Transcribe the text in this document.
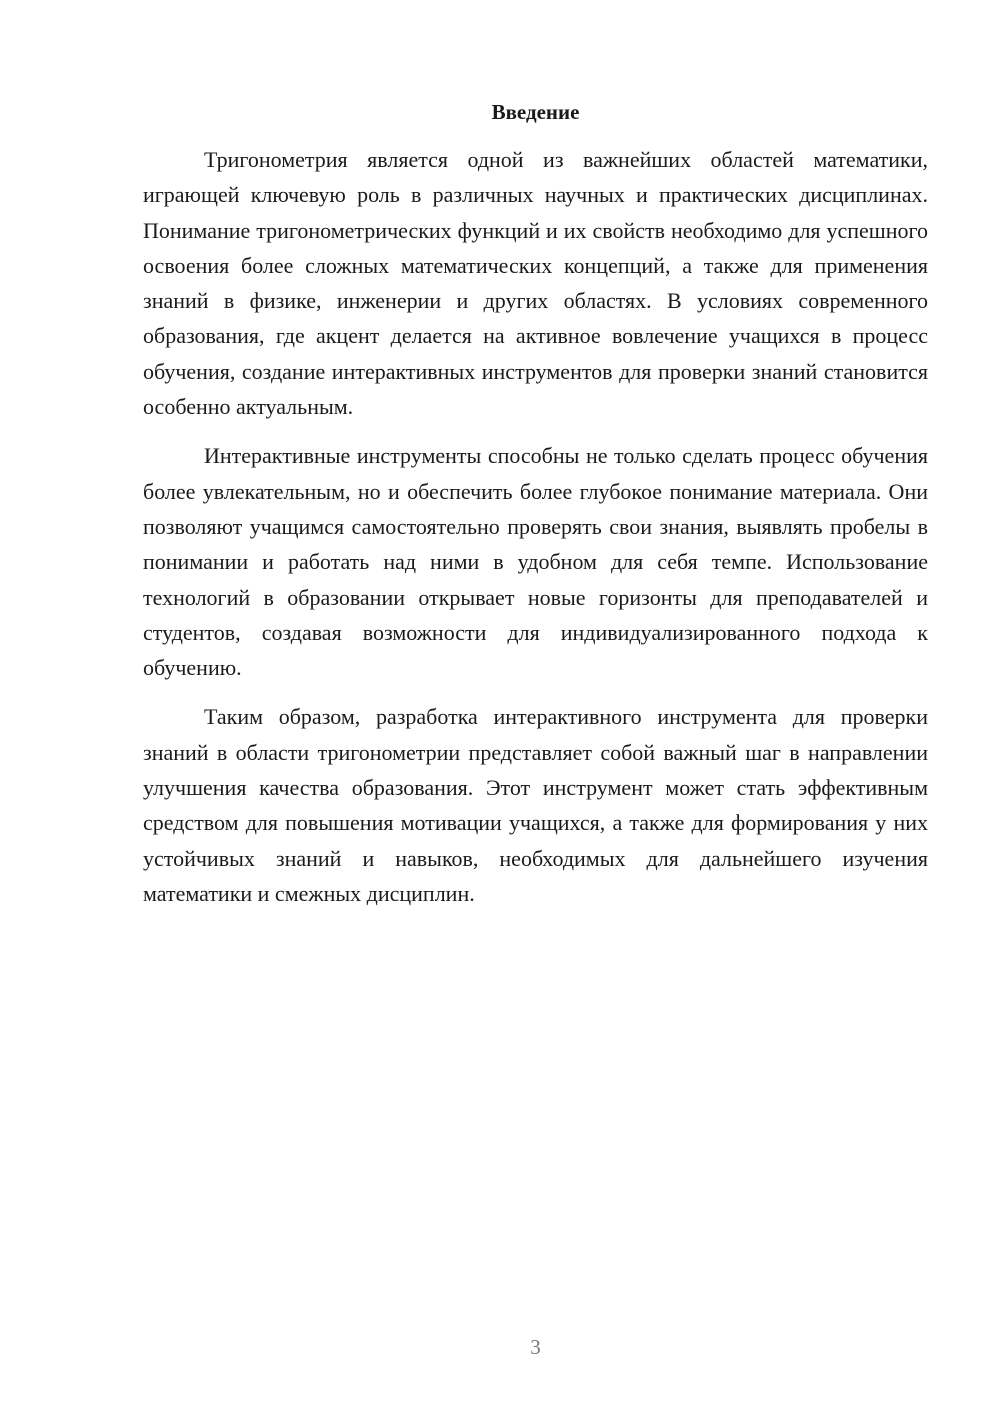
Введение

Тригонометрия является одной из важнейших областей математики, играющей ключевую роль в различных научных и практических дисциплинах. Понимание тригонометрических функций и их свойств необходимо для успешного освоения более сложных математических концепций, а также для применения знаний в физике, инженерии и других областях. В условиях современного образования, где акцент делается на активное вовлечение учащихся в процесс обучения, создание интерактивных инструментов для проверки знаний становится особенно актуальным.

Интерактивные инструменты способны не только сделать процесс обучения более увлекательным, но и обеспечить более глубокое понимание материала. Они позволяют учащимся самостоятельно проверять свои знания, выявлять пробелы в понимании и работать над ними в удобном для себя темпе. Использование технологий в образовании открывает новые горизонты для преподавателей и студентов, создавая возможности для индивидуализированного подхода к обучению.

Таким образом, разработка интерактивного инструмента для проверки знаний в области тригонометрии представляет собой важный шаг в направлении улучшения качества образования. Этот инструмент может стать эффективным средством для повышения мотивации учащихся, а также для формирования у них устойчивых знаний и навыков, необходимых для дальнейшего изучения математики и смежных дисциплин.

3
